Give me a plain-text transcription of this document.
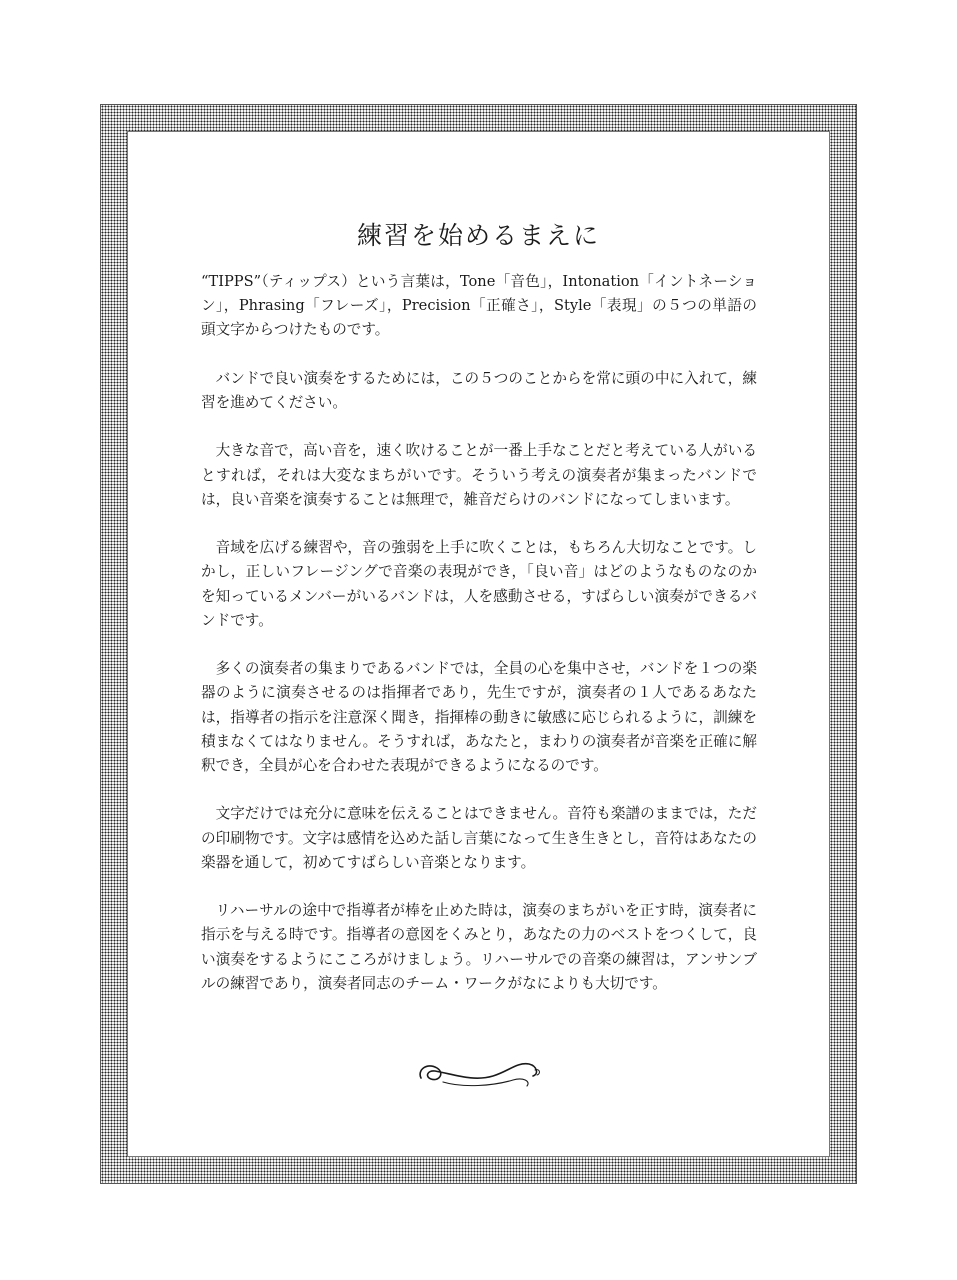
練習を始めるまえに

“TIPPS”（ティップス）という言葉は，Tone「音色」，Intonation「イントネーション」，Phrasing「フレーズ」，Precision「正確さ」，Style「表現」の５つの単語の頭文字からつけたものです。

バンドで良い演奏をするためには，この５つのことからを常に頭の中に入れて，練習を進めてください。

大きな音で，高い音を，速く吹けることが一番上手なことだと考えている人がいるとすれば，それは大変なまちがいです。そういう考えの演奏者が集まったバンドでは，良い音楽を演奏することは無理で，雑音だらけのバンドになってしまいます。

音域を広げる練習や，音の強弱を上手に吹くことは，もちろん大切なことです。しかし，正しいフレージングで音楽の表現ができ，「良い音」はどのようなものなのかを知っているメンバーがいるバンドは，人を感動させる，すばらしい演奏ができるバンドです。

多くの演奏者の集まりであるバンドでは，全員の心を集中させ，バンドを１つの楽器のように演奏させるのは指揮者であり，先生ですが，演奏者の１人であるあなたは，指導者の指示を注意深く聞き，指揮棒の動きに敏感に応じられるように，訓練を積まなくてはなりません。そうすれば，あなたと，まわりの演奏者が音楽を正確に解釈でき，全員が心を合わせた表現ができるようになるのです。

文字だけでは充分に意味を伝えることはできません。音符も楽譜のままでは，ただの印刷物です。文字は感情を込めた話し言葉になって生き生きとし，音符はあなたの楽器を通して，初めてすばらしい音楽となります。

リハーサルの途中で指導者が棒を止めた時は，演奏のまちがいを正す時，演奏者に指示を与える時です。指導者の意図をくみとり，あなたの力のベストをつくして，良い演奏をするようにこころがけましょう。リハーサルでの音楽の練習は，アンサンブルの練習であり，演奏者同志のチーム・ワークがなによりも大切です。
